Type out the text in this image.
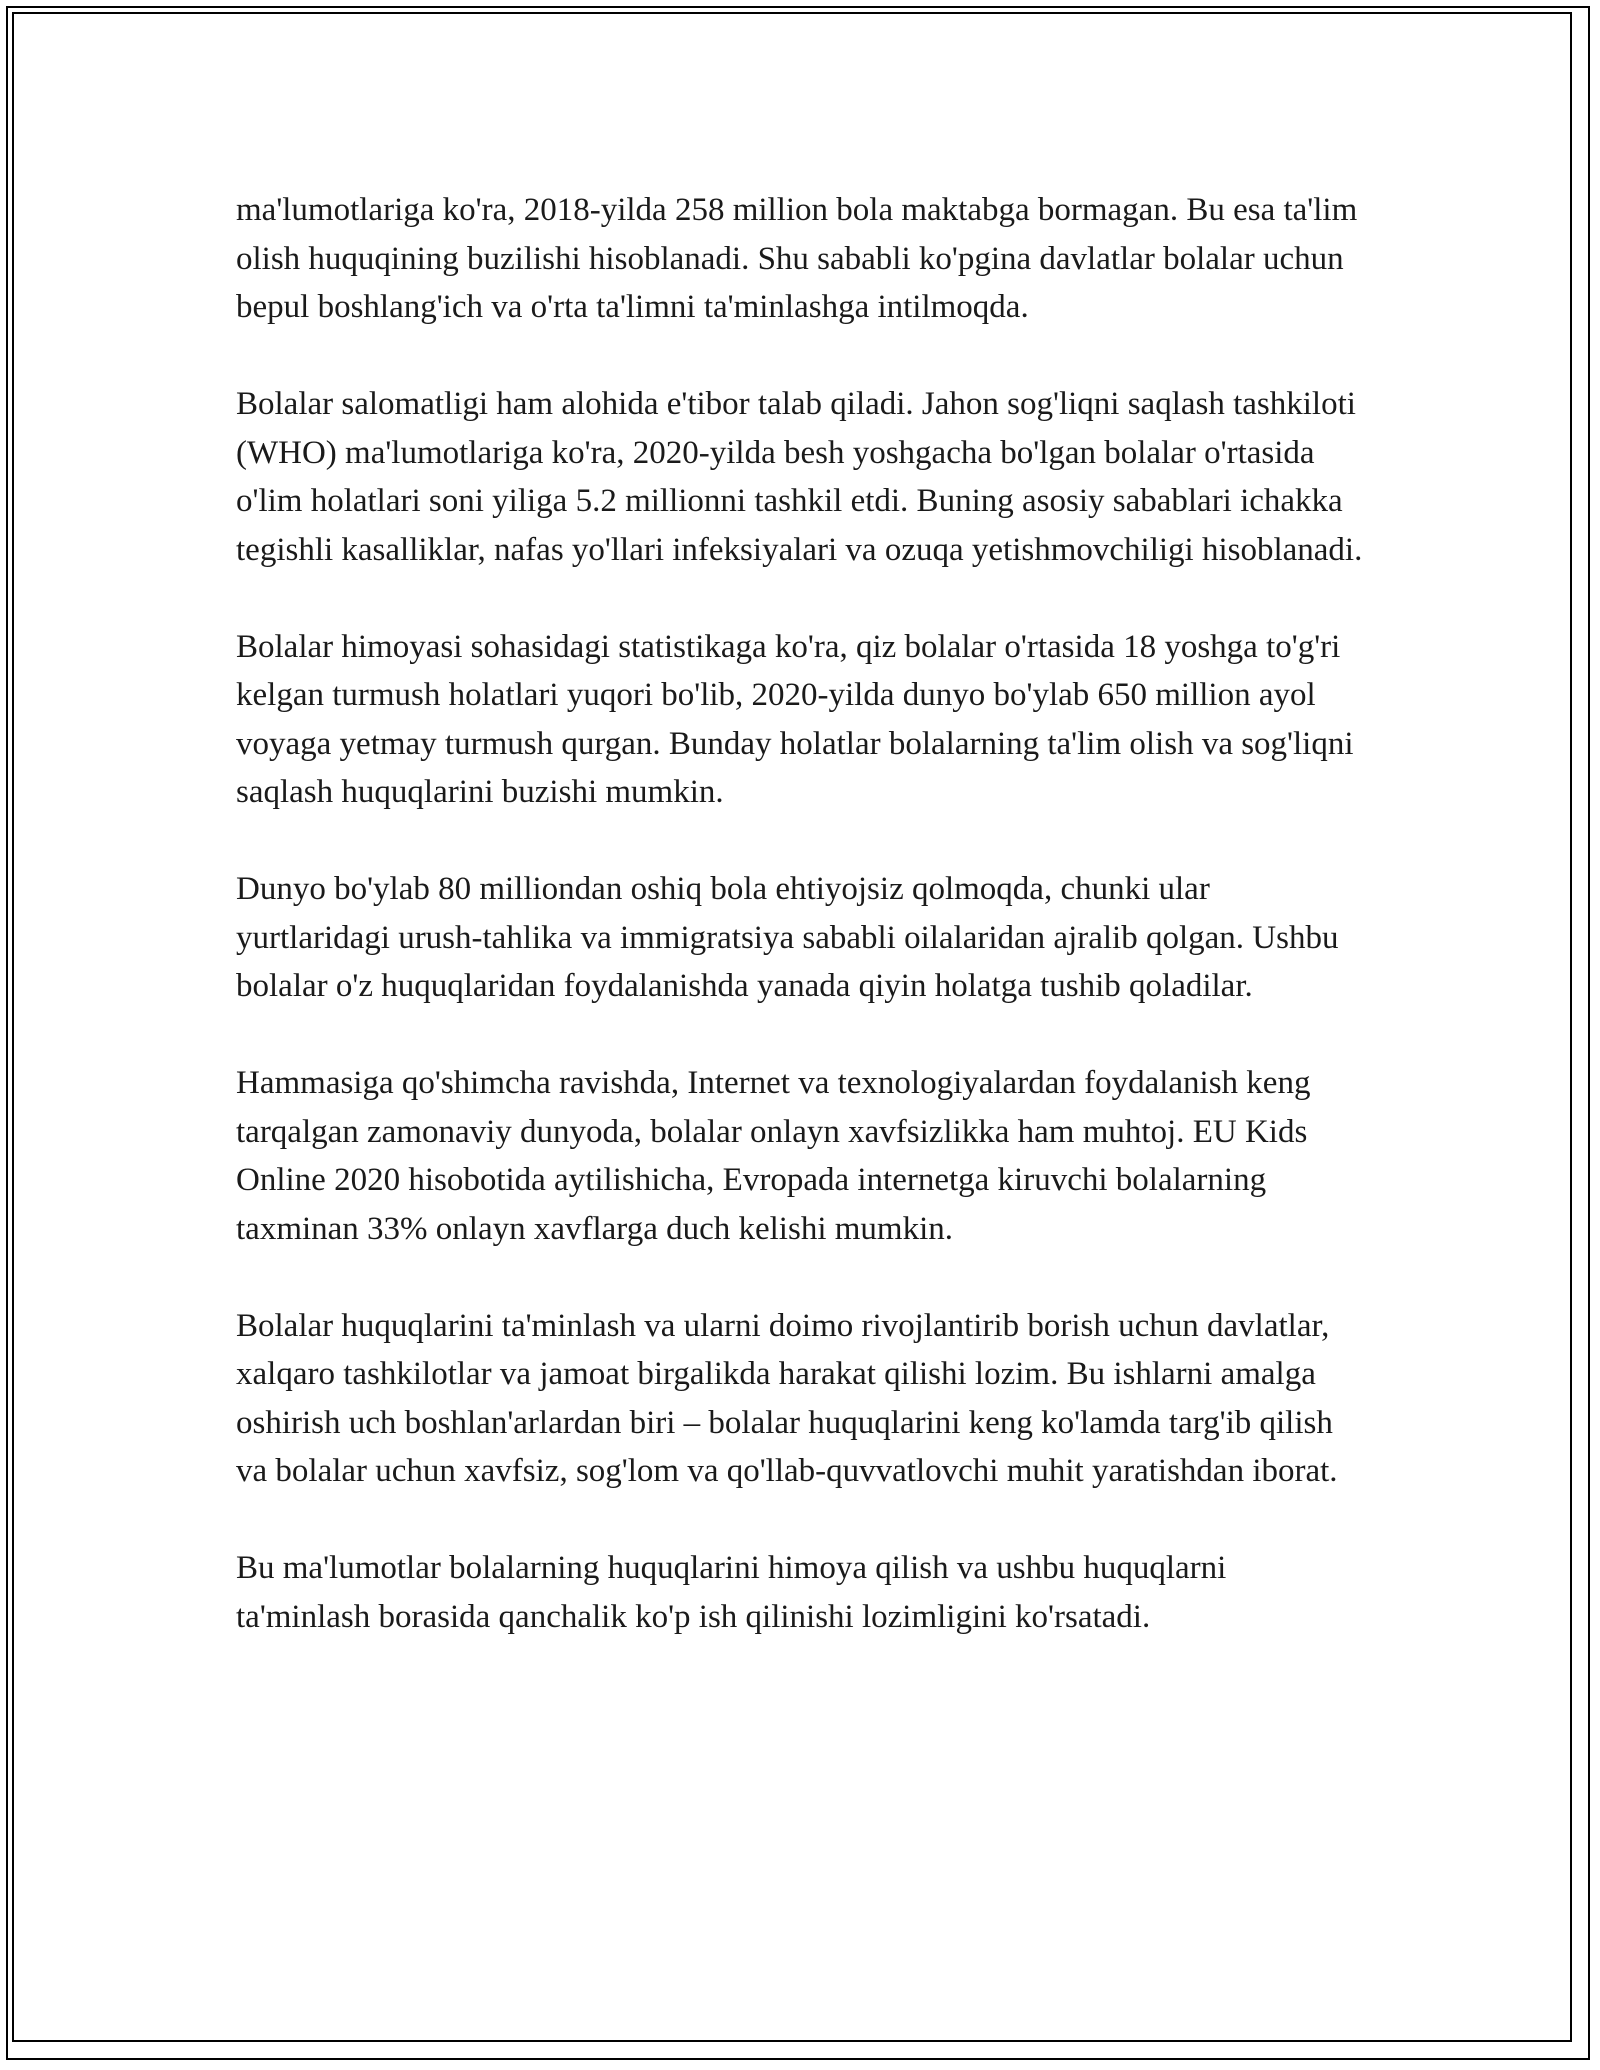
ma'lumotlariga ko'ra, 2018-yilda 258 million bola maktabga bormagan. Bu esa ta'lim olish huquqining buzilishi hisoblanadi. Shu sababli ko'pgina davlatlar bolalar uchun bepul boshlang'ich va o'rta ta'limni ta'minlashga intilmoqda.

Bolalar salomatligi ham alohida e'tibor talab qiladi. Jahon sog'liqni saqlash tashkiloti (WHO) ma'lumotlariga ko'ra, 2020-yilda besh yoshgacha bo'lgan bolalar o'rtasida o'lim holatlari soni yiliga 5.2 millionni tashkil etdi. Buning asosiy sabablari ichakka tegishli kasalliklar, nafas yo'llari infeksiyalari va ozuqa yetishmovchiligi hisoblanadi.

Bolalar himoyasi sohasidagi statistikaga ko'ra, qiz bolalar o'rtasida 18 yoshga to'g'ri kelgan turmush holatlari yuqori bo'lib, 2020-yilda dunyo bo'ylab 650 million ayol voyaga yetmay turmush qurgan. Bunday holatlar bolalarning ta'lim olish va sog'liqni saqlash huquqlarini buzishi mumkin.

Dunyo bo'ylab 80 milliondan oshiq bola ehtiyojsiz qolmoqda, chunki ular yurtlaridagi urush-tahlika va immigratsiya sababli oilalaridan ajralib qolgan. Ushbu bolalar o'z huquqlaridan foydalanishda yanada qiyin holatga tushib qoladilar.

Hammasiga qo'shimcha ravishda, Internet va texnologiyalardan foydalanish keng tarqalgan zamonaviy dunyoda, bolalar onlayn xavfsizlikka ham muhtoj. EU Kids Online 2020 hisobotida aytilishicha, Evropada internetga kiruvchi bolalarning taxminan 33% onlayn xavflarga duch kelishi mumkin.

Bolalar huquqlarini ta'minlash va ularni doimo rivojlantirib borish uchun davlatlar, xalqaro tashkilotlar va jamoat birgalikda harakat qilishi lozim. Bu ishlarni amalga oshirish uch boshlan'arlardan biri – bolalar huquqlarini keng ko'lamda targ'ib qilish va bolalar uchun xavfsiz, sog'lom va qo'llab-quvvatlovchi muhit yaratishdan iborat.

Bu ma'lumotlar bolalarning huquqlarini himoya qilish va ushbu huquqlarni ta'minlash borasida qanchalik ko'p ish qilinishi lozimligini ko'rsatadi.
